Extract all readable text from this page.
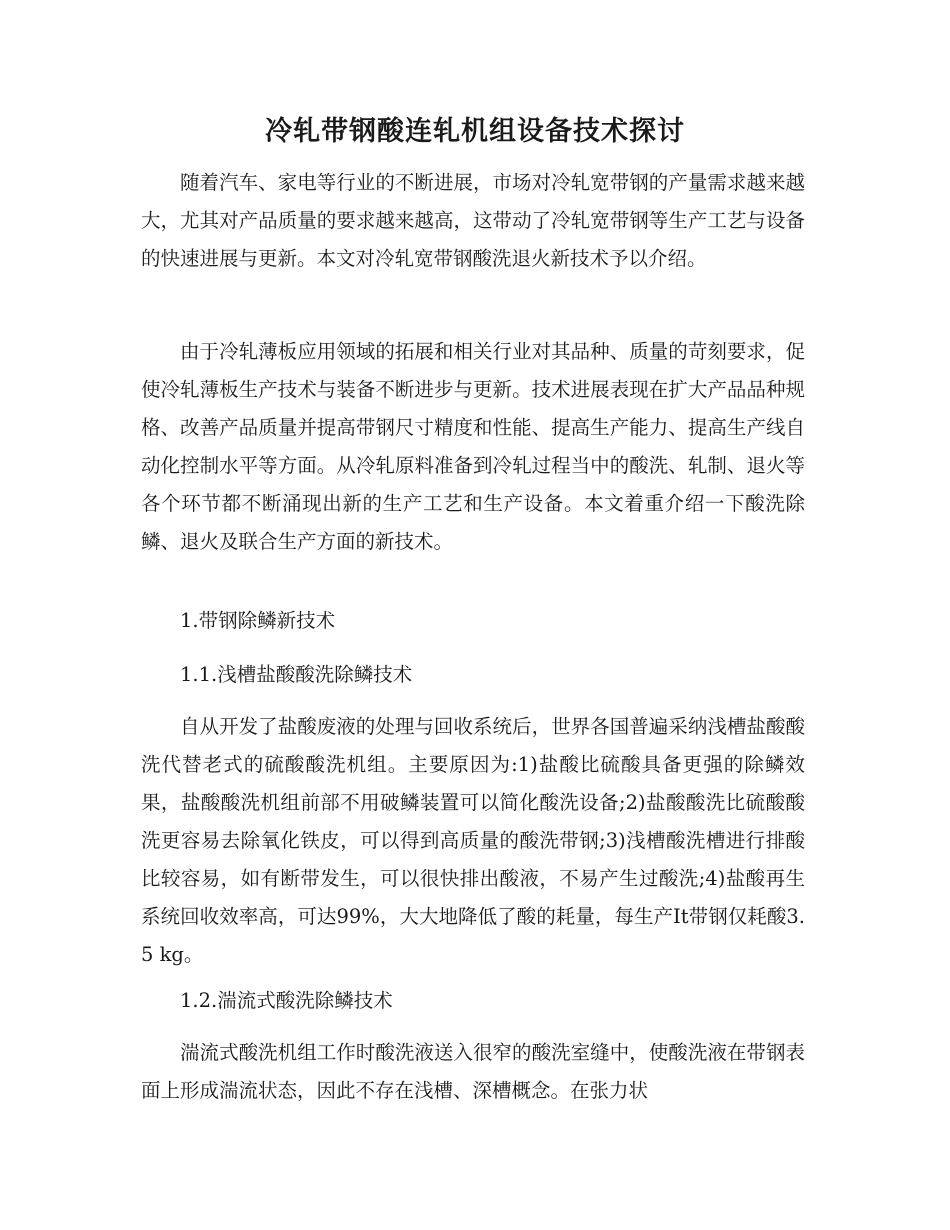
冷轧带钢酸连轧机组设备技术探讨

随着汽车、家电等行业的不断进展，市场对冷轧宽带钢的产量需求越来越大，尤其对产品质量的要求越来越高，这带动了冷轧宽带钢等生产工艺与设备的快速进展与更新。本文对冷轧宽带钢酸洗退火新技术予以介绍。

由于冷轧薄板应用领域的拓展和相关行业对其品种、质量的苛刻要求，促使冷轧薄板生产技术与装备不断进步与更新。技术进展表现在扩大产品品种规格、改善产品质量并提高带钢尺寸精度和性能、提高生产能力、提高生产线自动化控制水平等方面。从冷轧原料准备到冷轧过程当中的酸洗、轧制、退火等各个环节都不断涌现出新的生产工艺和生产设备。本文着重介绍一下酸洗除鳞、退火及联合生产方面的新技术。

1.带钢除鳞新技术

1.1.浅槽盐酸酸洗除鳞技术

自从开发了盐酸废液的处理与回收系统后，世界各国普遍采纳浅槽盐酸酸洗代替老式的硫酸酸洗机组。主要原因为:1)盐酸比硫酸具备更强的除鳞效果，盐酸酸洗机组前部不用破鳞装置可以简化酸洗设备;2)盐酸酸洗比硫酸酸洗更容易去除氧化铁皮，可以得到高质量的酸洗带钢;3)浅槽酸洗槽进行排酸比较容易，如有断带发生，可以很快排出酸液，不易产生过酸洗;4)盐酸再生系统回收效率高，可达99%，大大地降低了酸的耗量，每生产It带钢仅耗酸3.5 kg。

1.2.湍流式酸洗除鳞技术

湍流式酸洗机组工作时酸洗液送入很窄的酸洗室缝中，使酸洗液在带钢表面上形成湍流状态，因此不存在浅槽、深槽概念。在张力状
